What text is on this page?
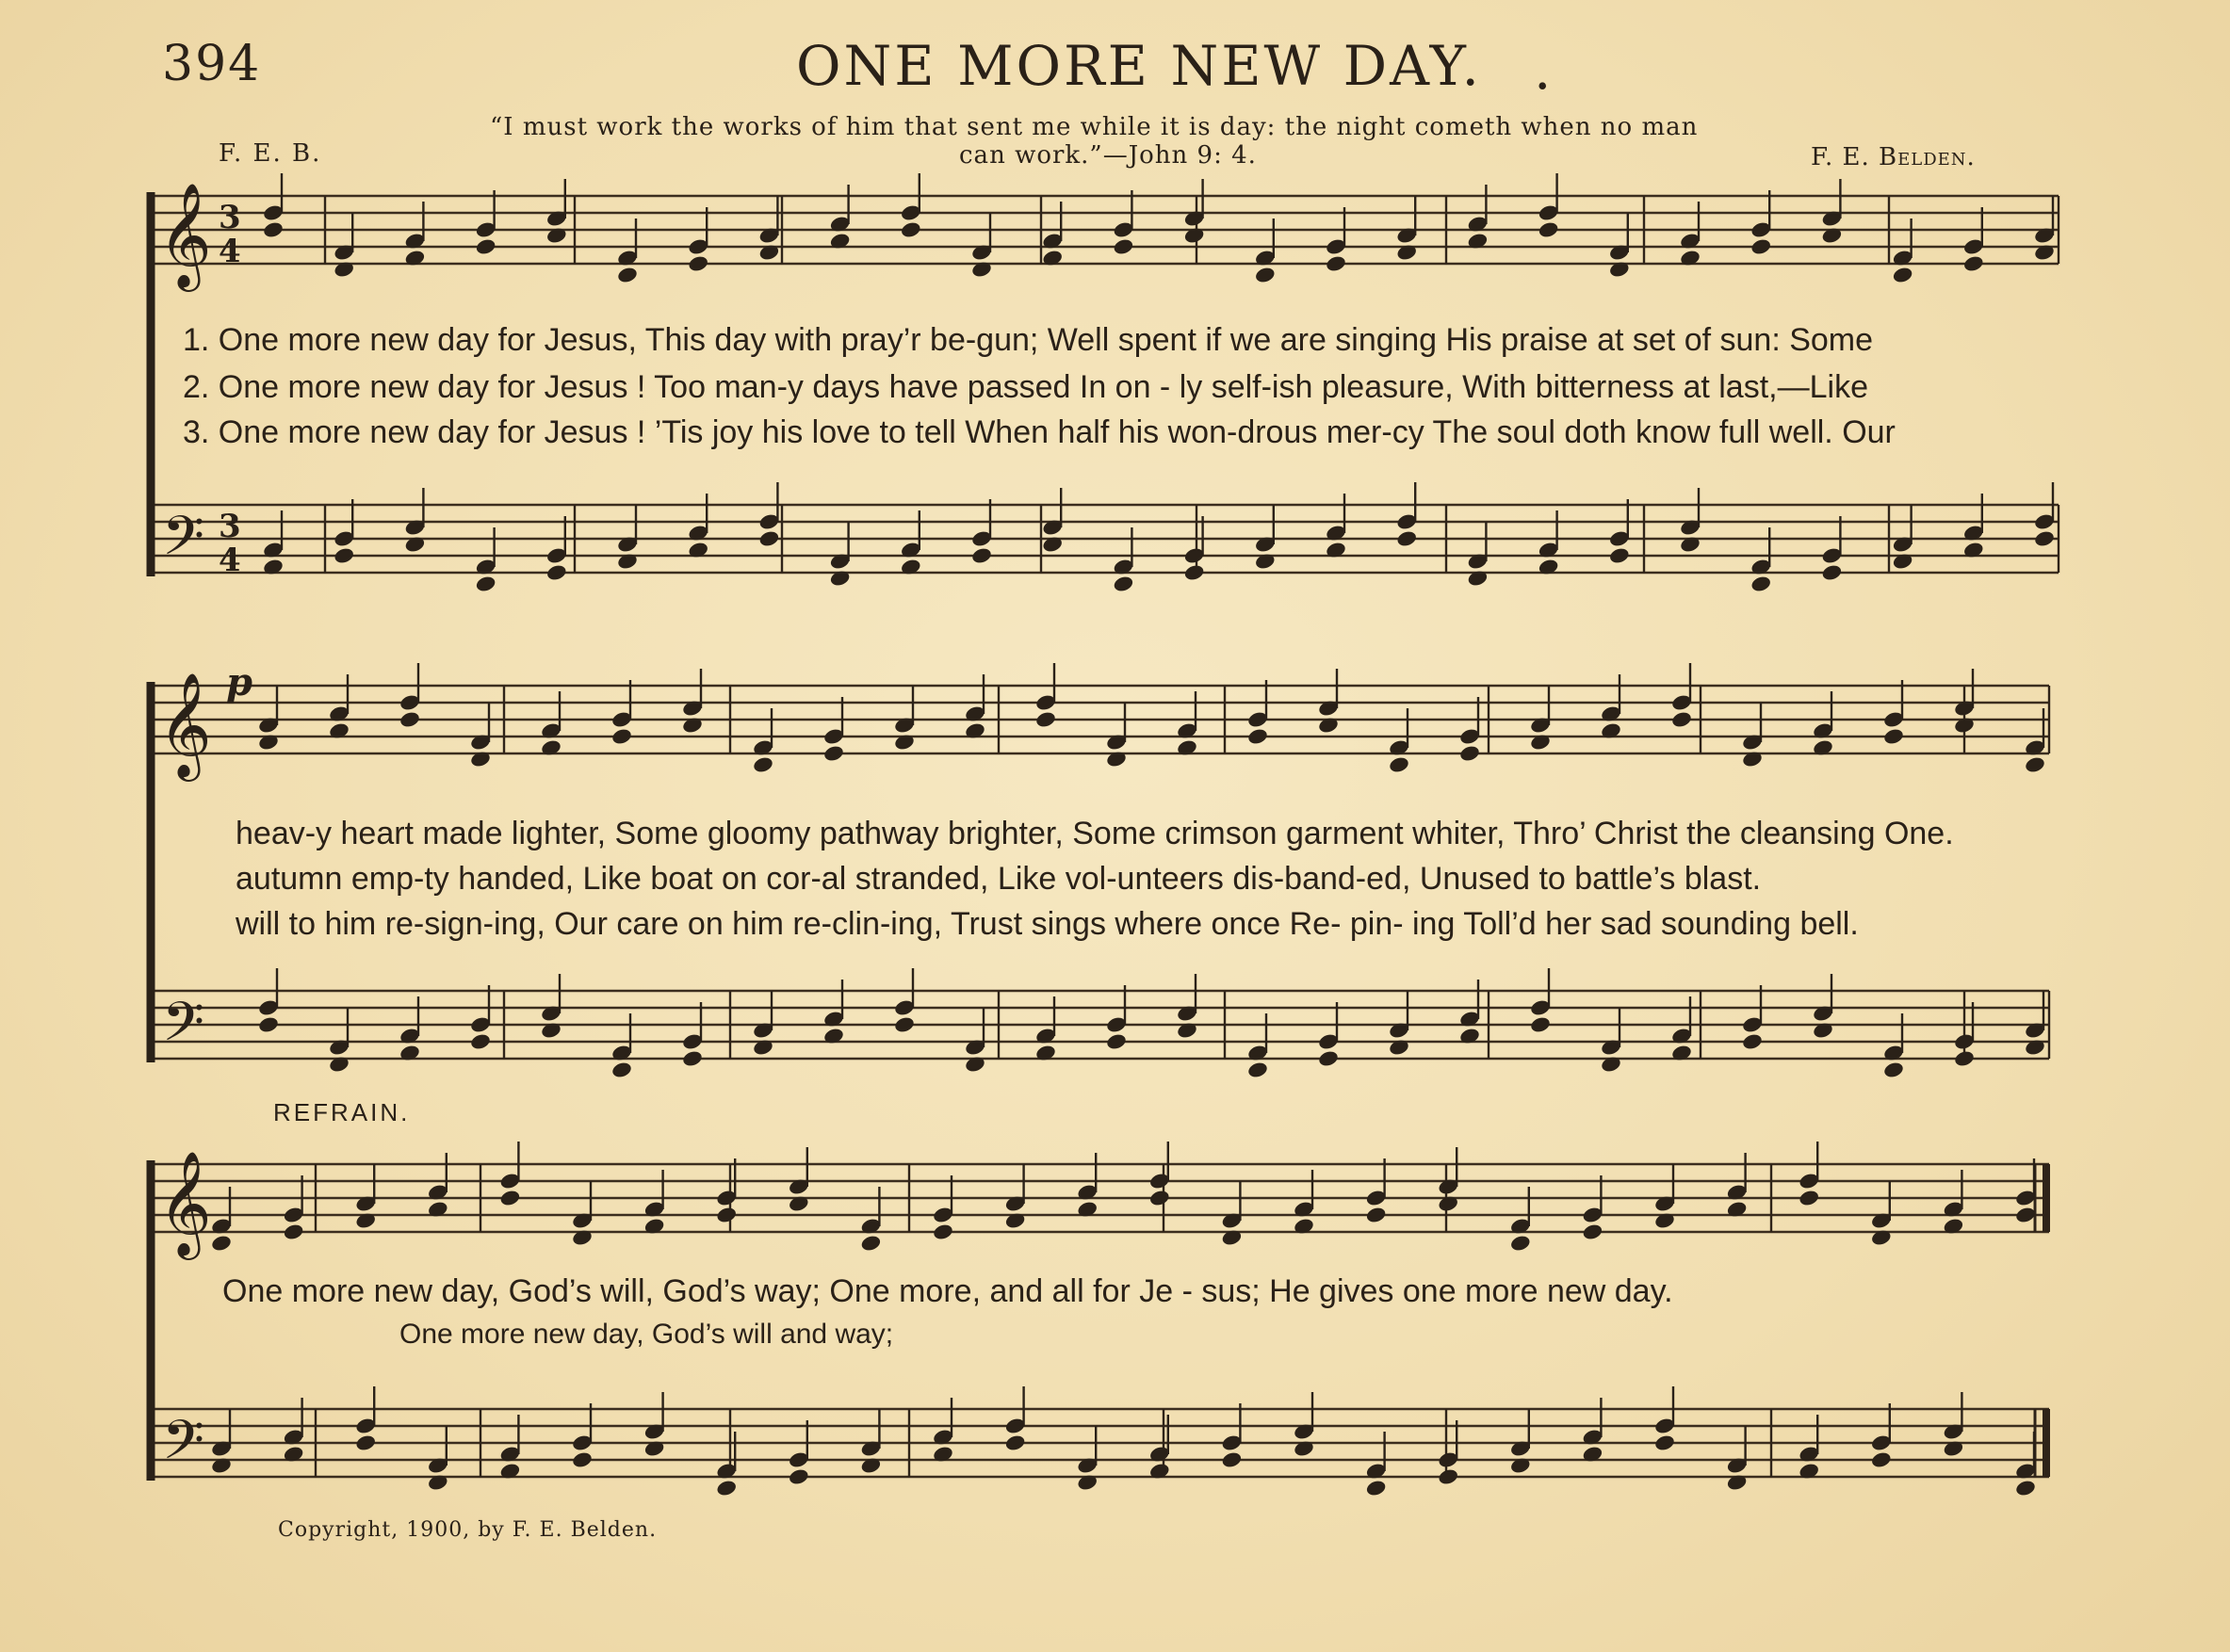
394	ONE MORE NEW DAY. .
“I must work the works of him that sent me while it is day: the night cometh when no man
can work.”—John 9: 4.
F. E. B.	F. E. Belden.
𝄞
𝄢
3
4
3
4
𝄞
𝄢
p
𝄞
𝄢
1. One more new day for Jesus, This day with pray’r be-gun; Well spent if we are singing His praise at set of sun: Some
2. One more new day for Jesus ! Too man-y days have passed In on - ly self-ish pleasure, With bitterness at last,—Like
3. One more new day for Jesus ! ’Tis joy his love to tell When half his won-drous mer-cy The soul doth know full well. Our
heav-y heart made lighter, Some gloomy pathway brighter, Some crimson garment whiter, Thro’ Christ the cleansing One.
autumn emp-ty handed, Like boat on cor-al stranded, Like vol-unteers dis-band-ed, Unused to battle’s blast.
will to him re-sign-ing, Our care on him re-clin-ing, Trust sings where once Re- pin- ing Toll’d her sad sounding bell.
REFRAIN.
One more new day, God’s will, God’s way; One more, and all for Je - sus; He gives one more new day.
One more new day, God’s will and way;
Copyright, 1900, by F. E. Belden.
